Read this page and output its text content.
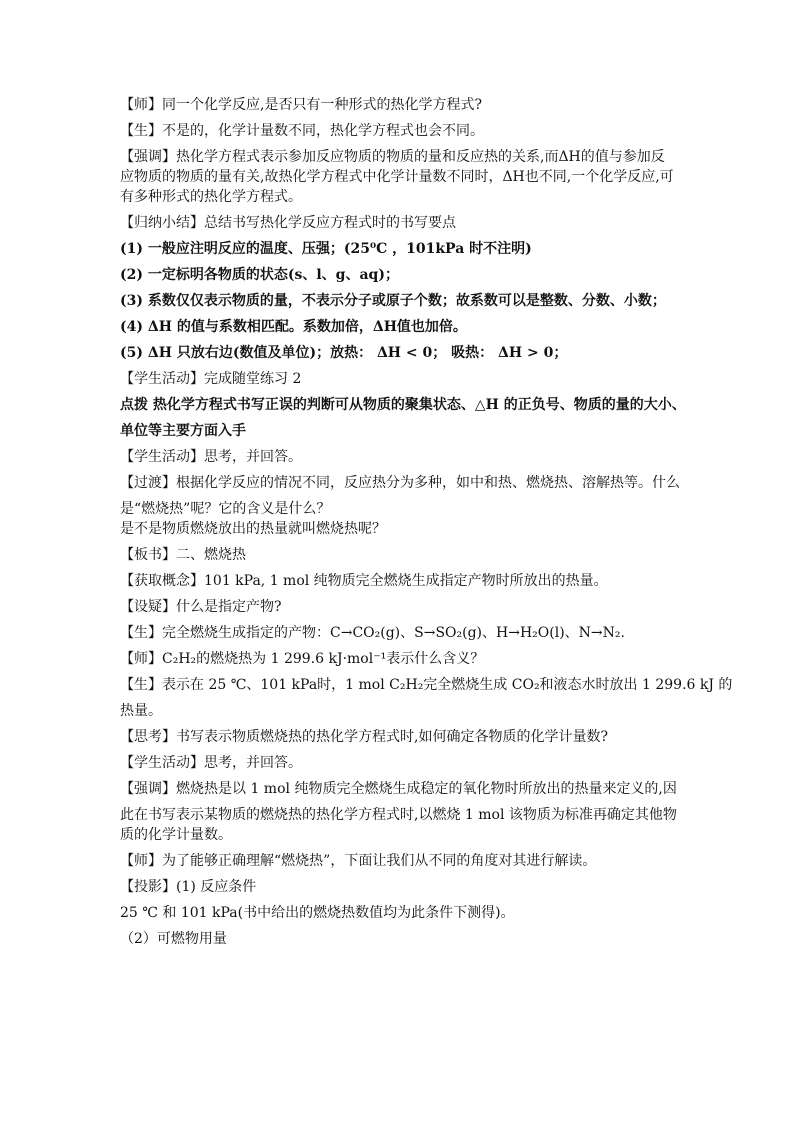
【师】同一个化学反应,是否只有一种形式的热化学方程式?
【生】不是的，化学计量数不同，热化学方程式也会不同。
【强调】热化学方程式表示参加反应物质的物质的量和反应热的关系,而ΔH的值与参加反
应物质的物质的量有关,故热化学方程式中化学计量数不同时，ΔH也不同,一个化学反应,可
有多种形式的热化学方程式。
【归纳小结】总结书写热化学反应方程式时的书写要点
(1) 一般应注明反应的温度、压强；(25⁰C ，101kPa 时不注明)
(2) 一定标明各物质的状态(s、l、g、aq)；
(3) 系数仅仅表示物质的量，不表示分子或原子个数；故系数可以是整数、分数、小数；
(4) ΔH 的值与系数相匹配。系数加倍，ΔH值也加倍。
(5) ΔH 只放右边(数值及单位)；放热： ΔH < 0； 吸热： ΔH > 0；
【学生活动】完成随堂练习 2
点拨 热化学方程式书写正误的判断可从物质的聚集状态、△H 的正负号、物质的量的大小、
单位等主要方面入手
【学生活动】思考，并回答。
【过渡】根据化学反应的情况不同，反应热分为多种，如中和热、燃烧热、溶解热等。什么
是“燃烧热”呢？它的含义是什么？
是不是物质燃烧放出的热量就叫燃烧热呢？
【板书】二、燃烧热
【获取概念】101 kPa, 1 mol 纯物质完全燃烧生成指定产物时所放出的热量。
【设疑】什么是指定产物?
【生】完全燃烧生成指定的产物：C→CO₂(g)、S→SO₂(g)、H→H₂O(l)、N→N₂.
【师】C₂H₂的燃烧热为 1 299.6 kJ·mol⁻¹表示什么含义？
【生】表示在 25 ℃、101 kPa时，1 mol C₂H₂完全燃烧生成 CO₂和液态水时放出 1 299.6 kJ 的
热量。
【思考】书写表示物质燃烧热的热化学方程式时,如何确定各物质的化学计量数?
【学生活动】思考，并回答。
【强调】燃烧热是以 1 mol 纯物质完全燃烧生成稳定的氧化物时所放出的热量来定义的,因
此在书写表示某物质的燃烧热的热化学方程式时,以燃烧 1 mol 该物质为标准再确定其他物
质的化学计量数。
【师】为了能够正确理解“燃烧热”，下面让我们从不同的角度对其进行解读。
【投影】(1) 反应条件
25 ℃ 和 101 kPa(书中给出的燃烧热数值均为此条件下测得)。
（2）可燃物用量
